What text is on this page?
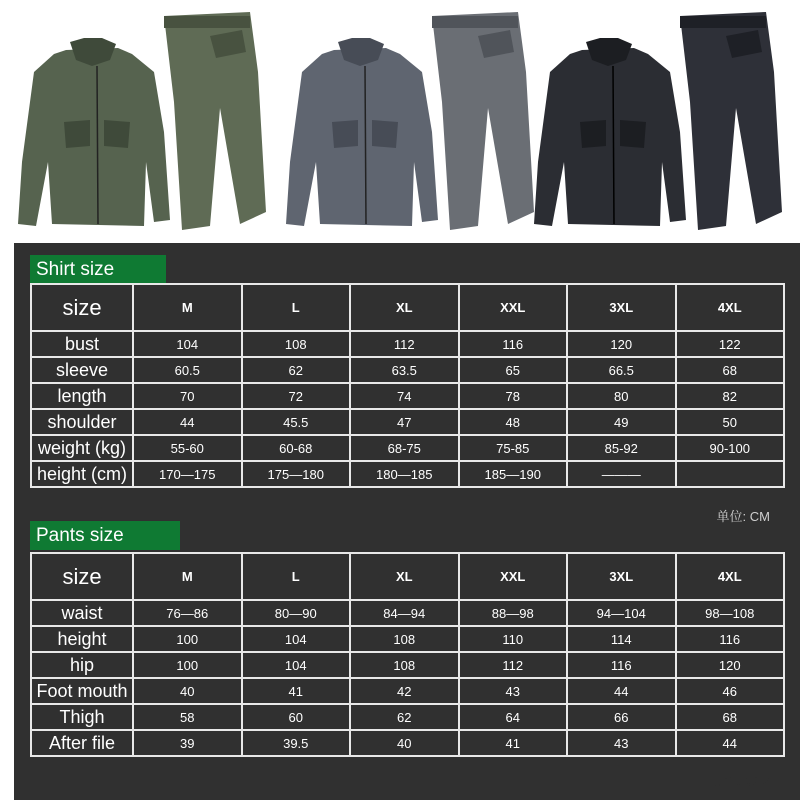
Shirt size
size	M	L	XL	XXL	3XL	4XL
bust	104	108	112	116	120	122
sleeve	60.5	62	63.5	65	66.5	68
length	70	72	74	78	80	82
shoulder	44	45.5	47	48	49	50
weight (kg)	55-60	60-68	68-75	75-85	85-92	90-100
height (cm)	170—175	175—180	180—185	185—190	———	
Pants size
size	M	L	XL	XXL	3XL	4XL
waist	76—86	80—90	84—94	88—98	94—104	98—108
height	100	104	108	110	114	116
hip	100	104	108	112	116	120
Foot mouth	40	41	42	43	44	46
Thigh	58	60	62	64	66	68
After file	39	39.5	40	41	43	44
单位: CM
unit CM
